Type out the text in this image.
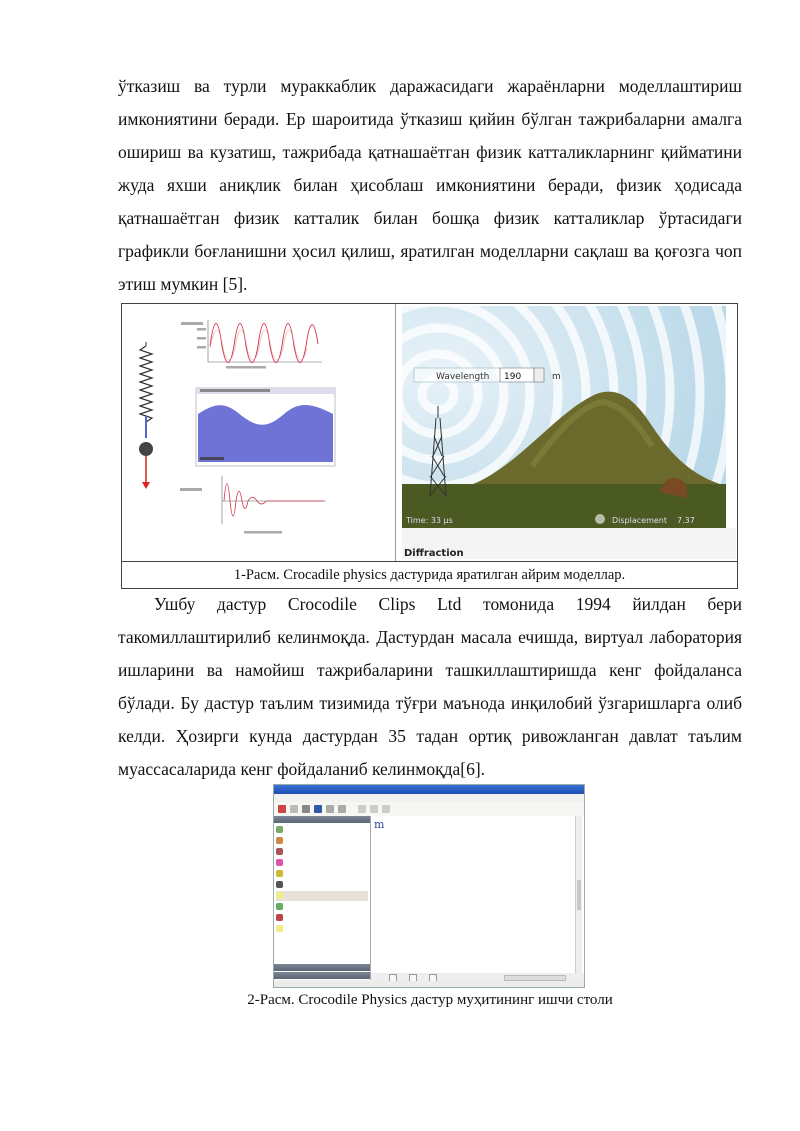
ўтказиш ва турли мураккаблик даражасидаги жараёнларни моделлаштириш имкониятини беради. Ер шароитида ўтказиш қийин бўлган тажрибаларни амалга ошириш ва кузатиш, тажрибада қатнашаётган физик катталикларнинг қийматини жуда яхши аниқлик билан ҳисоблаш имкониятини беради, физик ҳодисада қатнашаётган физик катталик билан бошқа физик катталиклар ўртасидаги графикли боғланишни ҳосил қилиш, яратилган моделларни сақлаш ва қоғозга чоп этиш мумкин [5].

Wavelength 190	m
Time: 33 µs	Displacement 7.37
Diffraction
1-Расм. Crocadile physics дастурида яратилган айрим моделлар.

Ушбу дастур Crocodile Clips Ltd томонида 1994 йилдан бери такомиллаштирилиб келинмоқда. Дастурдан масала ечишда, виртуал лаборатория ишларини ва намойиш тажрибаларини ташкиллаштиришда кенг фойдаланса бўлади. Бу дастур таълим тизимида тўғри маънода инқилобий ўзгаришларга олиб келди. Ҳозирги кунда дастурдан 35 тадан ортиқ ривожланган давлат таълим муассасаларида кенг фойдаланиб келинмоқда[6].

m
2-Расм. Crocodile Physics дастур муҳитининг ишчи столи
